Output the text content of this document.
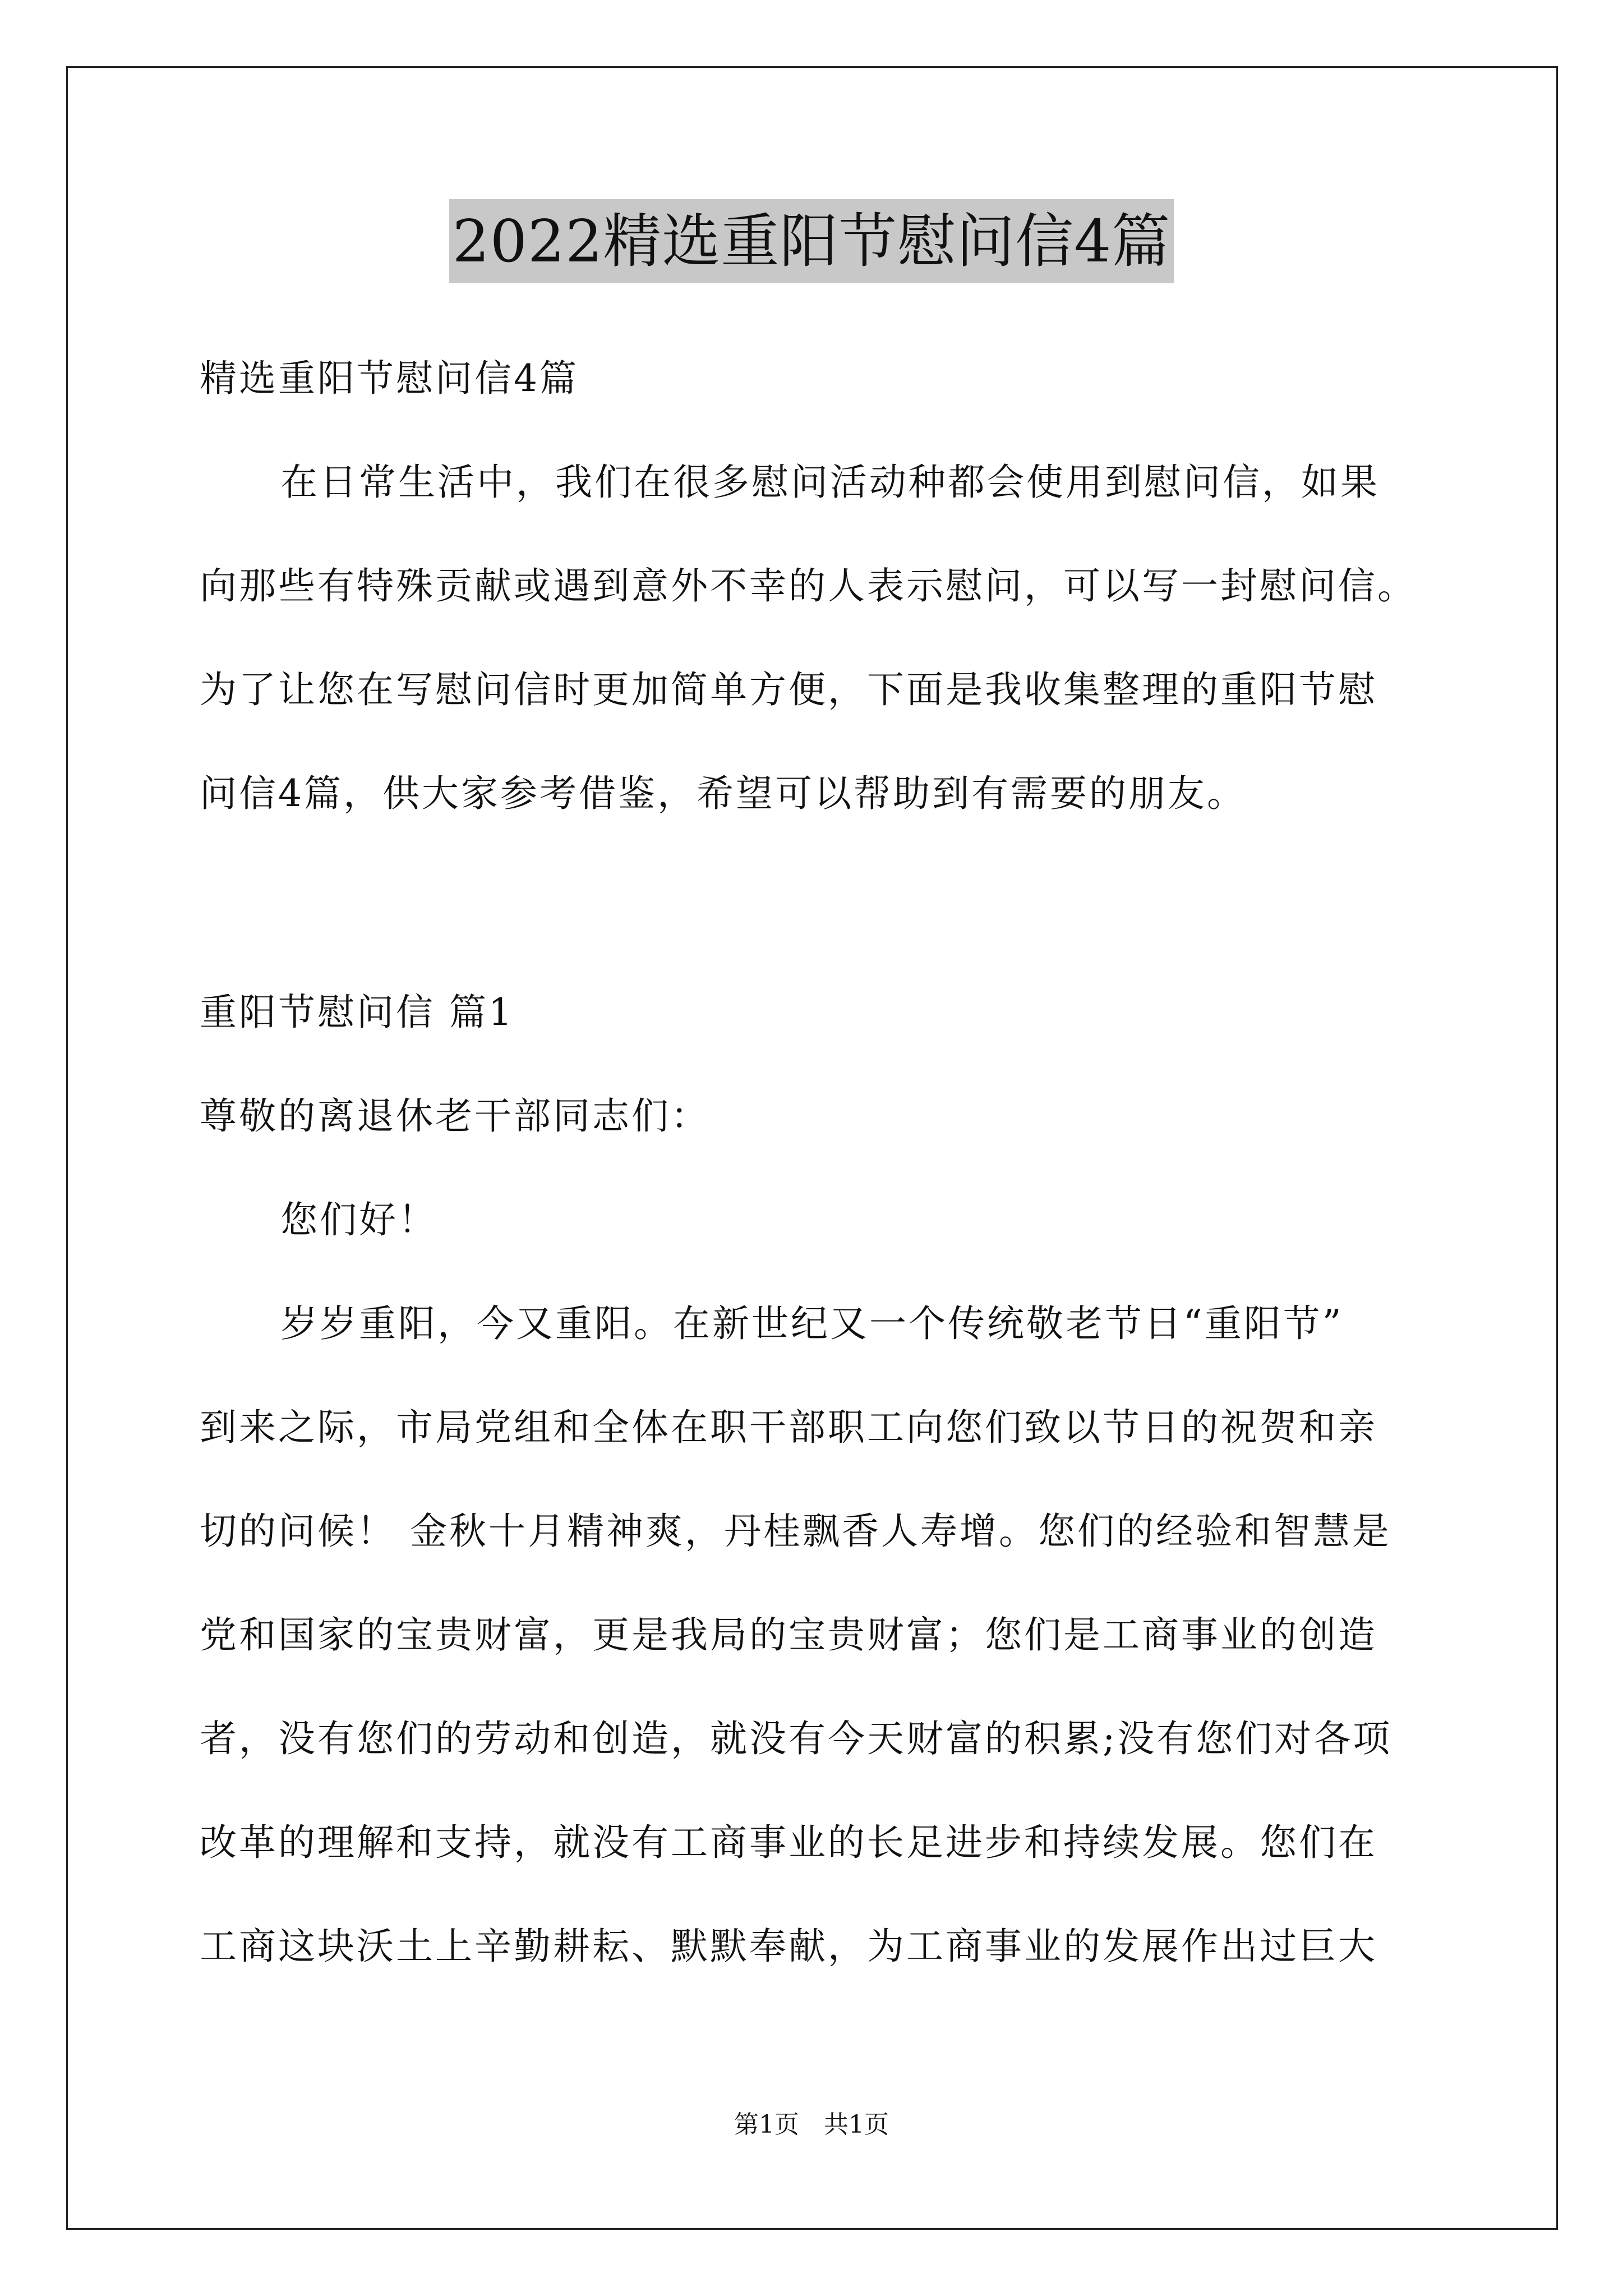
2022精选重阳节慰问信4篇
精选重阳节慰问信4篇
在日常生活中，我们在很多慰问活动种都会使用到慰问信，如果
向那些有特殊贡献或遇到意外不幸的人表示慰问，可以写一封慰问信。
为了让您在写慰问信时更加简单方便，下面是我收集整理的重阳节慰
问信4篇，供大家参考借鉴，希望可以帮助到有需要的朋友。
重阳节慰问信 篇1
尊敬的离退休老干部同志们：
您们好！
岁岁重阳，今又重阳。在新世纪又一个传统敬老节日“重阳节”
到来之际，市局党组和全体在职干部职工向您们致以节日的祝贺和亲
切的问候！ 金秋十月精神爽，丹桂飘香人寿增。您们的经验和智慧是
党和国家的宝贵财富，更是我局的宝贵财富；您们是工商事业的创造
者，没有您们的劳动和创造，就没有今天财富的积累;没有您们对各项
改革的理解和支持，就没有工商事业的长足进步和持续发展。您们在
工商这块沃土上辛勤耕耘、默默奉献，为工商事业的发展作出过巨大
第1页　共1页
